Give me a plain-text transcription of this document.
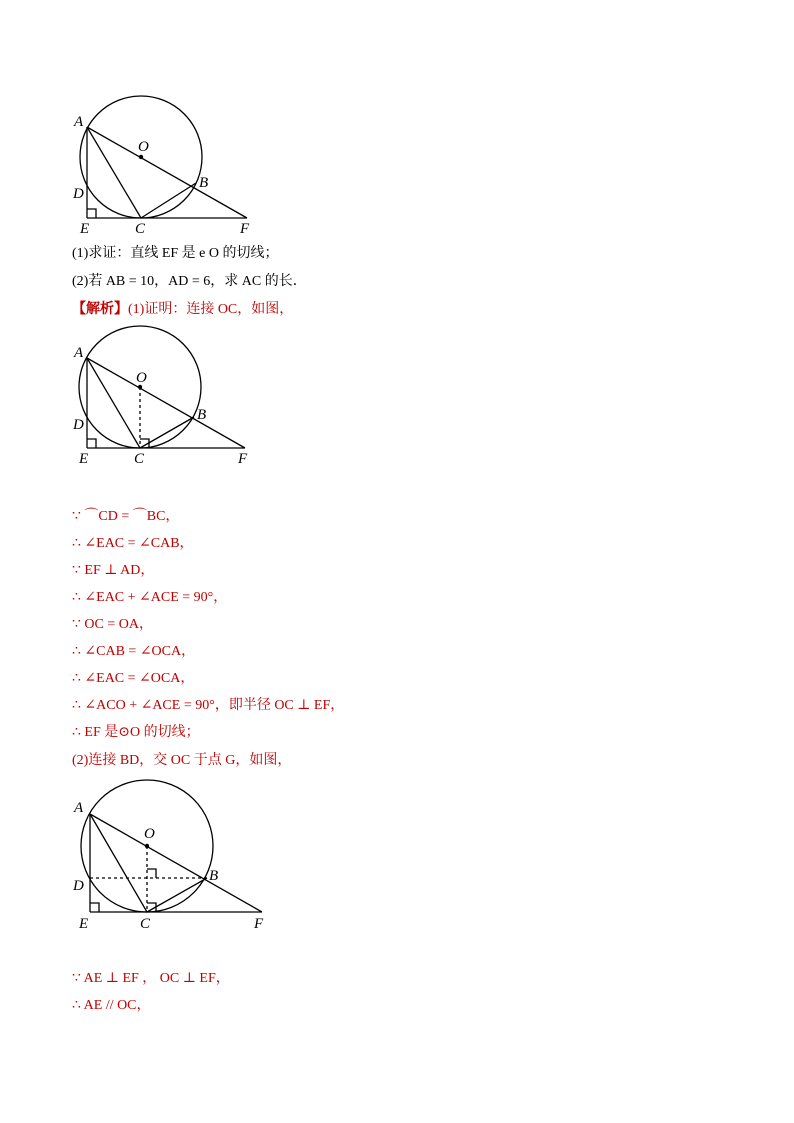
A
O
D
B
E	C	F
A
O
D
B
E	C	F
A
O
D
B
E	C	F
(1)求证：直线 EF 是 e O 的切线；
(2)若 AB = 10，AD = 6，求 AC 的长．
【解析】(1)证明：连接 OC，如图，
∵ ⌒CD = ⌒BC，
∴ ∠EAC = ∠CAB，
∵ EF ⊥ AD，
∴ ∠EAC + ∠ACE = 90°，
∵ OC = OA，
∴ ∠CAB = ∠OCA，
∴ ∠EAC = ∠OCA，
∴ ∠ACO + ∠ACE = 90°，即半径 OC ⊥ EF，
∴ EF 是⊙O 的切线；
(2)连接 BD，交 OC 于点 G，如图，
∵ AE ⊥ EF ， OC ⊥ EF，
∴ AE // OC，
